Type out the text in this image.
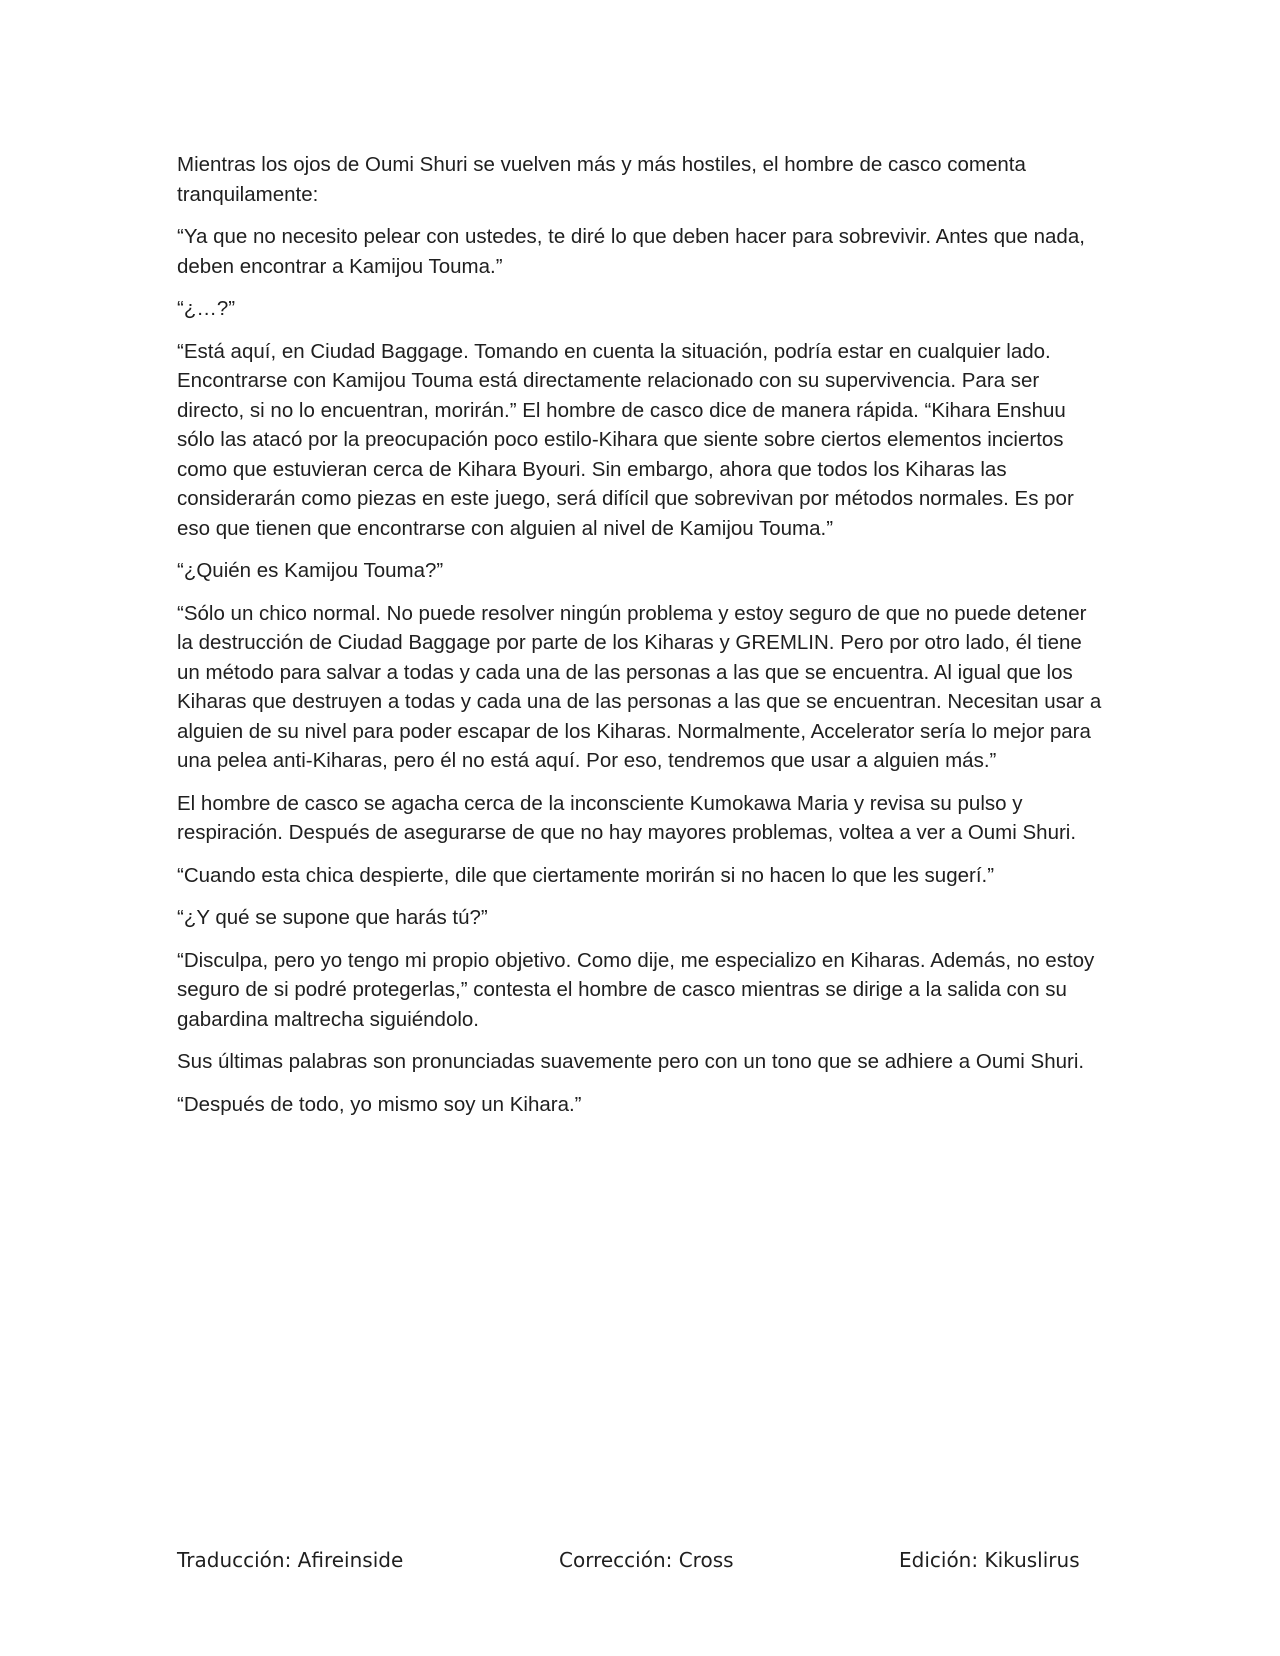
Mientras los ojos de Oumi Shuri se vuelven más y más hostiles, el hombre de casco comenta tranquilamente:

“Ya que no necesito pelear con ustedes, te diré lo que deben hacer para sobrevivir. Antes que nada, deben encontrar a Kamijou Touma.”

“¿…?”

“Está aquí, en Ciudad Baggage. Tomando en cuenta la situación, podría estar en cualquier lado. Encontrarse con Kamijou Touma está directamente relacionado con su supervivencia. Para ser directo, si no lo encuentran, morirán.” El hombre de casco dice de manera rápida. “Kihara Enshuu sólo las atacó por la preocupación poco estilo-Kihara que siente sobre ciertos elementos inciertos como que estuvieran cerca de Kihara Byouri. Sin embargo, ahora que todos los Kiharas las considerarán como piezas en este juego, será difícil que sobrevivan por métodos normales. Es por eso que tienen que encontrarse con alguien al nivel de Kamijou Touma.”

“¿Quién es Kamijou Touma?”

“Sólo un chico normal. No puede resolver ningún problema y estoy seguro de que no puede detener la destrucción de Ciudad Baggage por parte de los Kiharas y GREMLIN. Pero por otro lado, él tiene un método para salvar a todas y cada una de las personas a las que se encuentra. Al igual que los Kiharas que destruyen a todas y cada una de las personas a las que se encuentran. Necesitan usar a alguien de su nivel para poder escapar de los Kiharas. Normalmente, Accelerator sería lo mejor para una pelea anti-Kiharas, pero él no está aquí. Por eso, tendremos que usar a alguien más.”

El hombre de casco se agacha cerca de la inconsciente Kumokawa Maria y revisa su pulso y respiración. Después de asegurarse de que no hay mayores problemas, voltea a ver a Oumi Shuri.

“Cuando esta chica despierte, dile que ciertamente morirán si no hacen lo que les sugerí.”

“¿Y qué se supone que harás tú?”

“Disculpa, pero yo tengo mi propio objetivo. Como dije, me especializo en Kiharas. Además, no estoy seguro de si podré protegerlas,” contesta el hombre de casco mientras se dirige a la salida con su gabardina maltrecha siguiéndolo.

Sus últimas palabras son pronunciadas suavemente pero con un tono que se adhiere a Oumi Shuri.

“Después de todo, yo mismo soy un Kihara.”

Traducción: Afireinside	Corrección: Cross	Edición: Kikuslirus
